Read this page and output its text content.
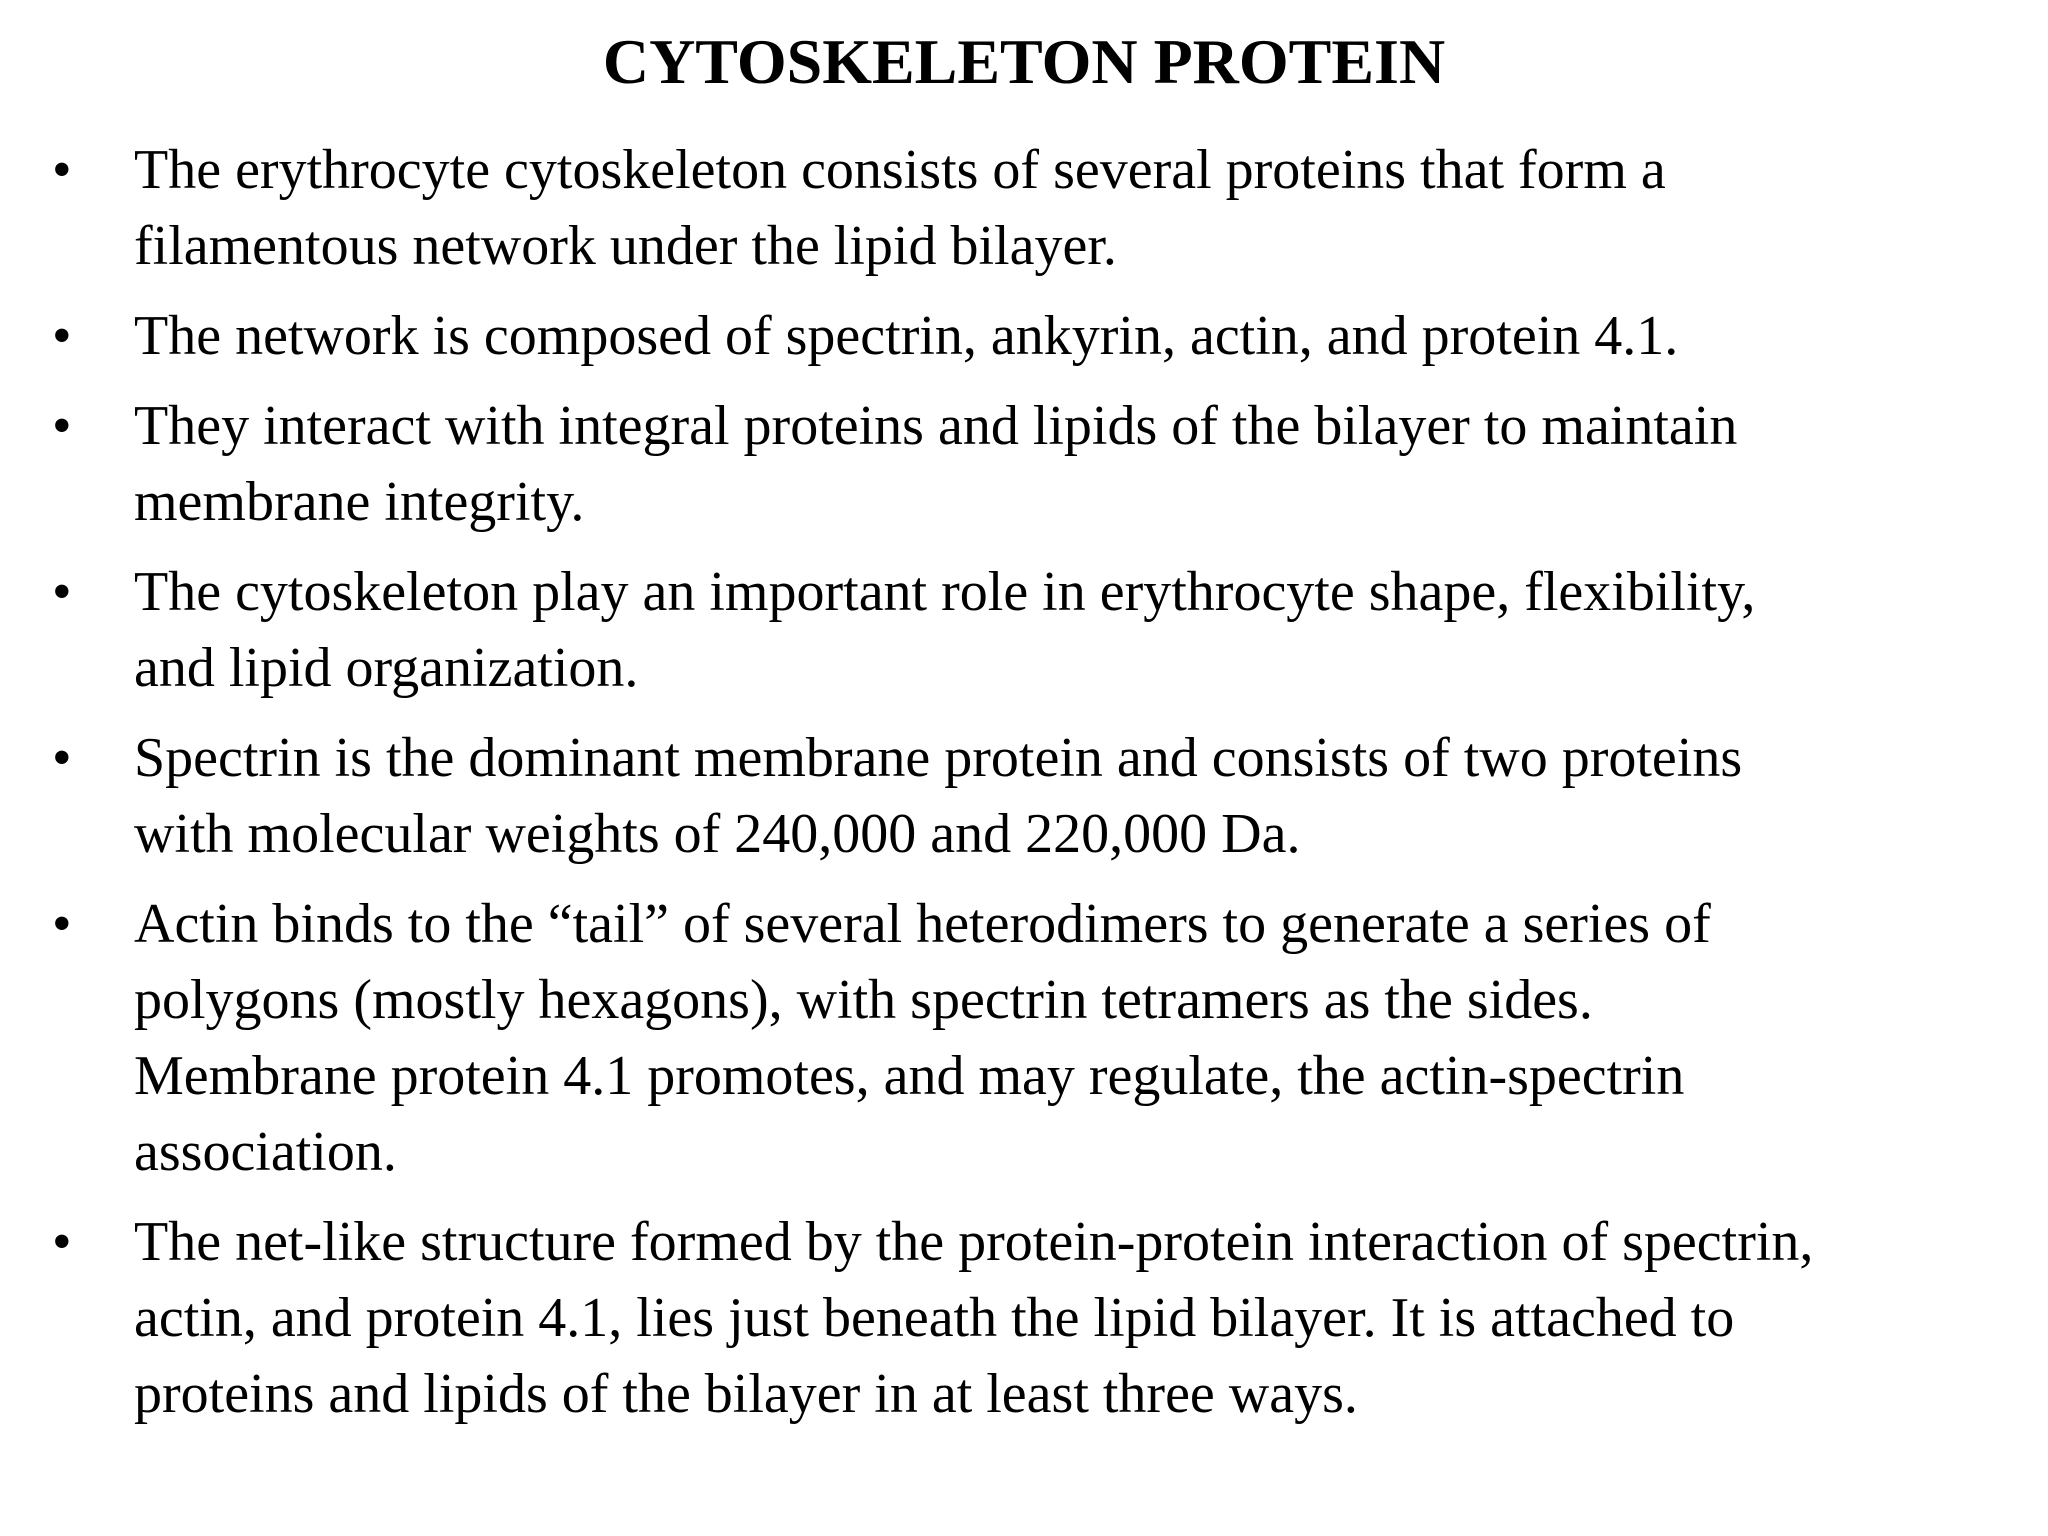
CYTOSKELETON PROTEIN
•	The erythrocyte cytoskeleton consists of several proteins that form a
filamentous network under the lipid bilayer.
•	The network is composed of spectrin, ankyrin, actin, and protein 4.1.
•	They interact with integral proteins and lipids of the bilayer to maintain
membrane integrity.
•	The cytoskeleton play an important role in erythrocyte shape, flexibility,
and lipid organization.
•	Spectrin is the dominant membrane protein and consists of two proteins
with molecular weights of 240,000 and 220,000 Da.
•	Actin binds to the “tail” of several heterodimers to generate a series of
polygons (mostly hexagons), with spectrin tetramers as the sides.
Membrane protein 4.1 promotes, and may regulate, the actin-spectrin
association.
•	The net-like structure formed by the protein-protein interaction of spectrin,
actin, and protein 4.1, lies just beneath the lipid bilayer. It is attached to
proteins and lipids of the bilayer in at least three ways.
